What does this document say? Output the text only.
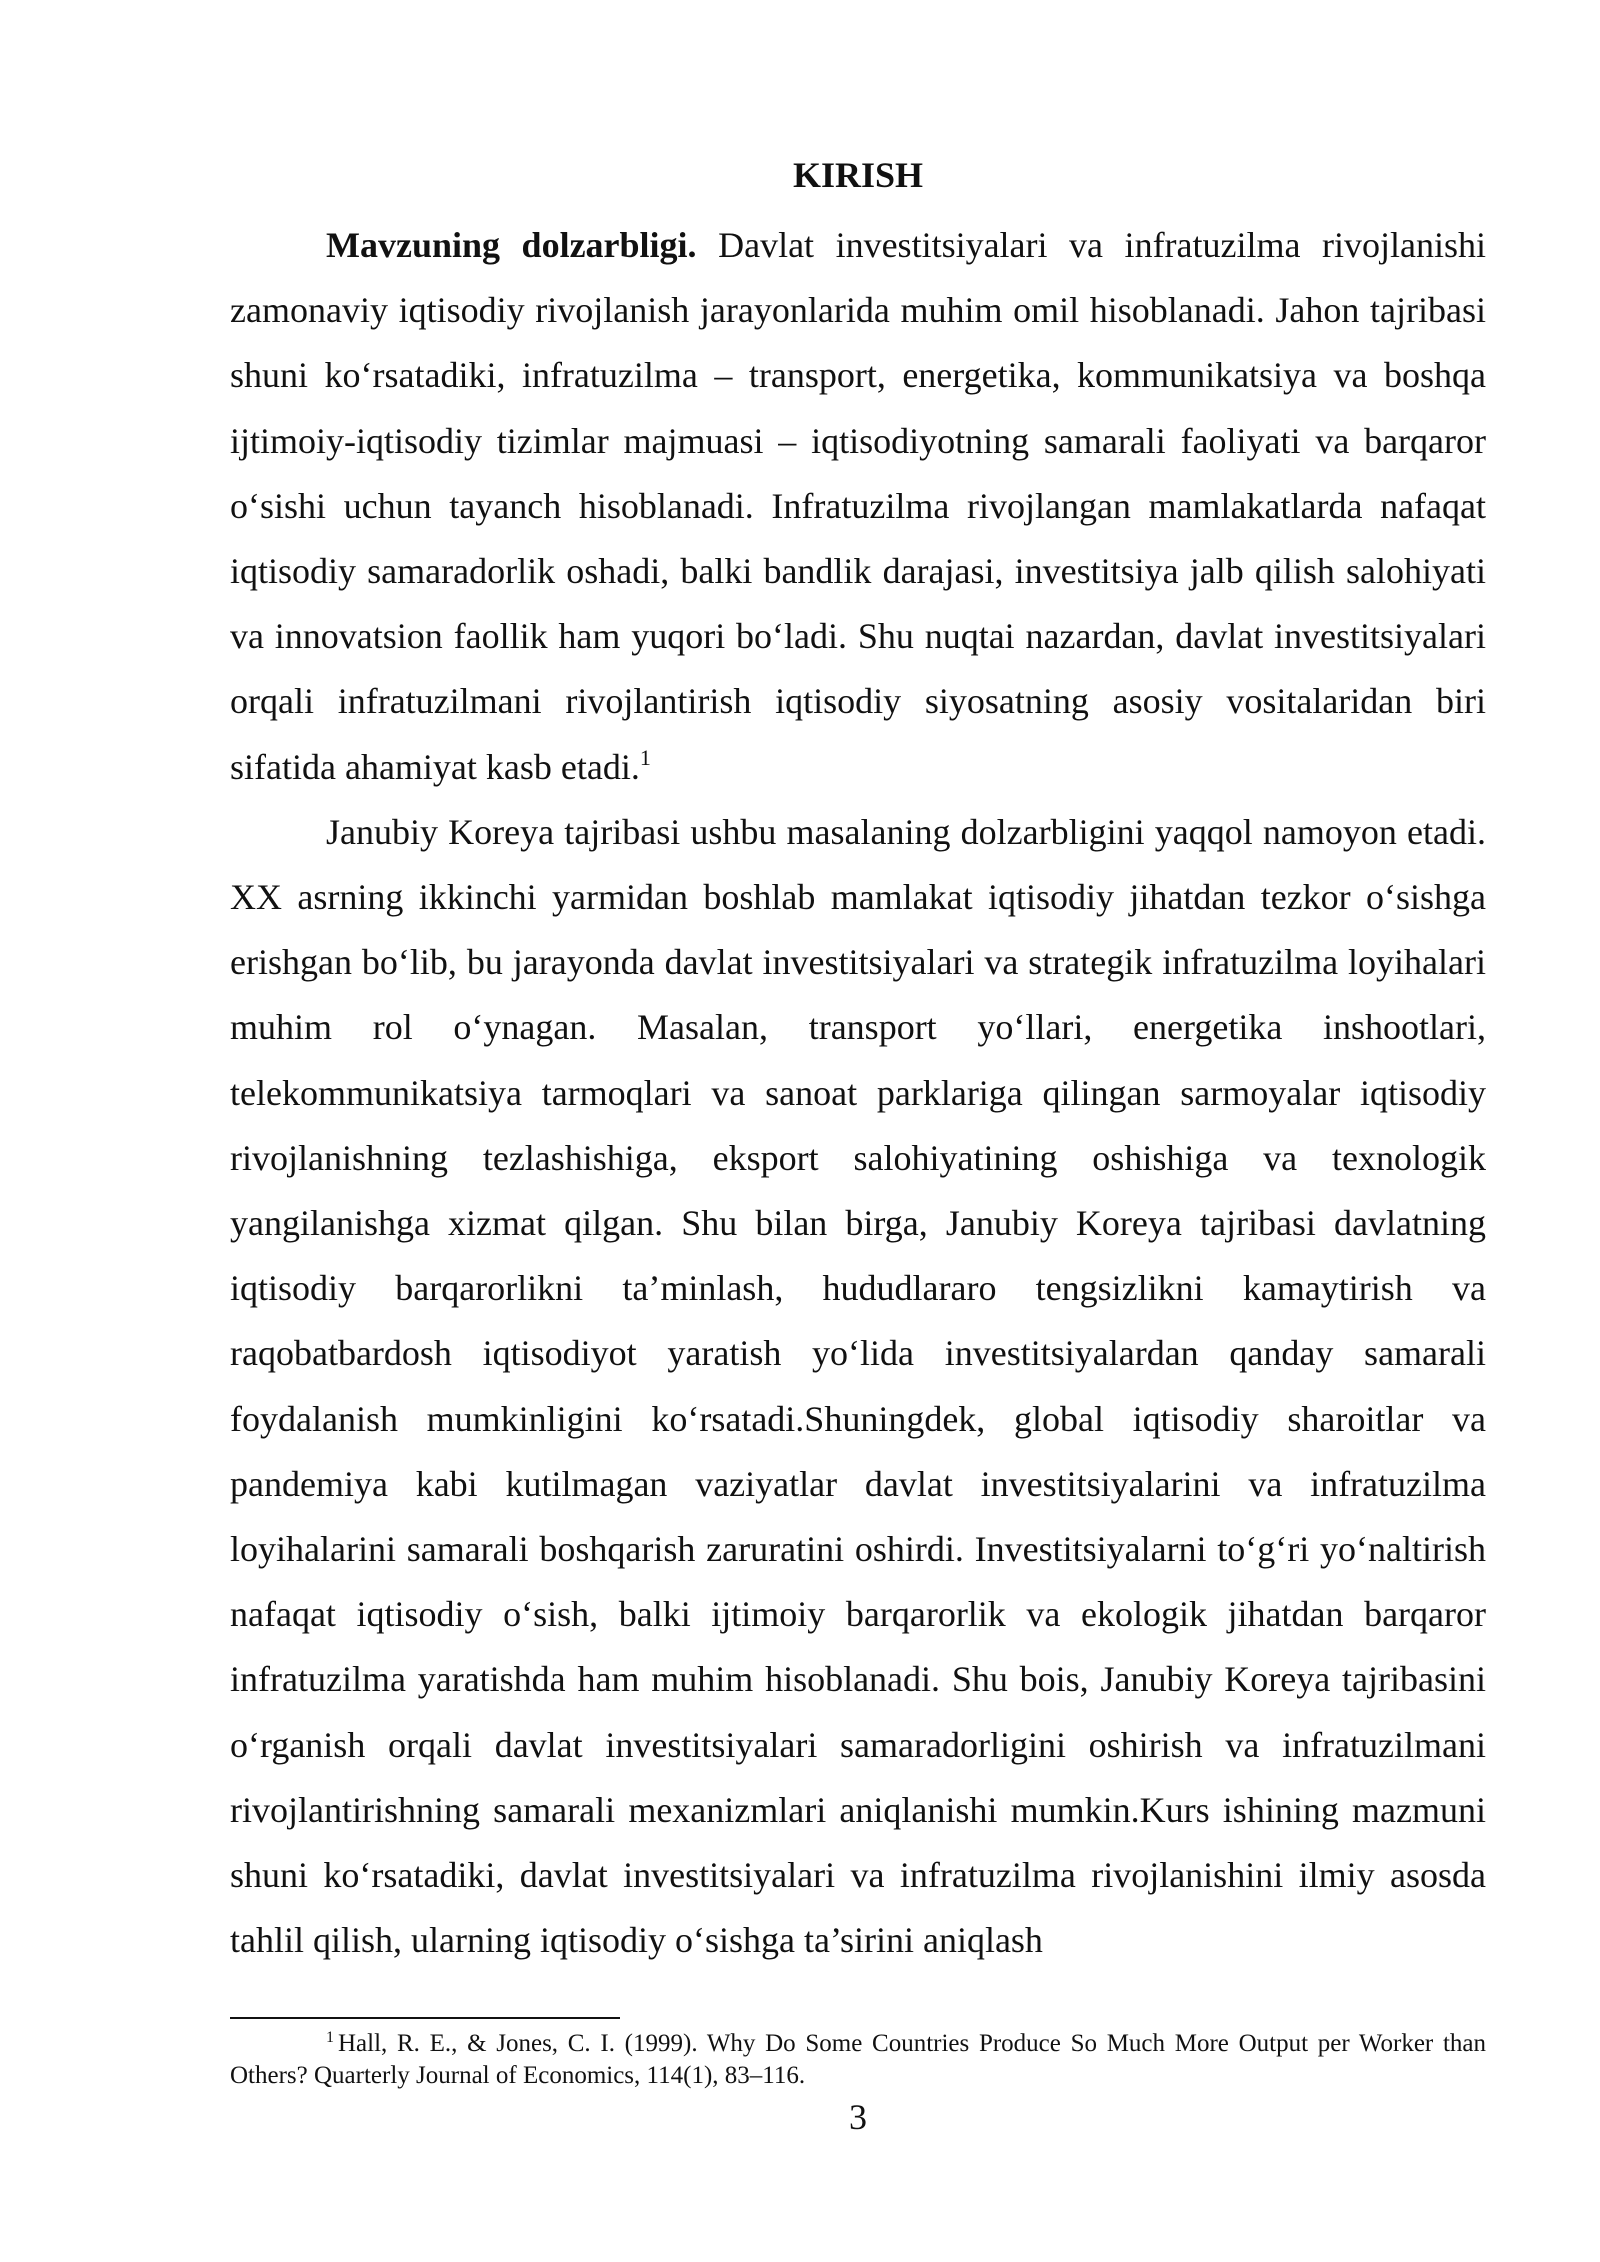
KIRISH

Mavzuning dolzarbligi. Davlat investitsiyalari va infratuzilma rivojlanishi zamonaviy iqtisodiy rivojlanish jarayonlarida muhim omil hisoblanadi. Jahon tajribasi shuni ko‘rsatadiki, infratuzilma – transport, energetika, kommunikatsiya va boshqa ijtimoiy-iqtisodiy tizimlar majmuasi – iqtisodiyotning samarali faoliyati va barqaror o‘sishi uchun tayanch hisoblanadi. Infratuzilma rivojlangan mamlakatlarda nafaqat iqtisodiy samaradorlik oshadi, balki bandlik darajasi, investitsiya jalb qilish salohiyati va innovatsion faollik ham yuqori bo‘ladi. Shu nuqtai nazardan, davlat investitsiyalari orqali infratuzilmani rivojlantirish iqtisodiy siyosatning asosiy vositalaridan biri sifatida ahamiyat kasb etadi.$^1$

Janubiy Koreya tajribasi ushbu masalaning dolzarbligini yaqqol namoyon etadi. XX asrning ikkinchi yarmidan boshlab mamlakat iqtisodiy jihatdan tezkor o‘sishga erishgan bo‘lib, bu jarayonda davlat investitsiyalari va strategik infratuzilma loyihalari muhim rol o‘ynagan. Masalan, transport yo‘llari, energetika inshootlari, telekommunikatsiya tarmoqlari va sanoat parklariga qilingan sarmoyalar iqtisodiy rivojlanishning tezlashishiga, eksport salohiyatining oshishiga va texnologik yangilanishga xizmat qilgan. Shu bilan birga, Janubiy Koreya tajribasi davlatning iqtisodiy barqarorlikni ta’minlash, hududlararo tengsizlikni kamaytirish va raqobatbardosh iqtisodiyot yaratish yo‘lida investitsiyalardan qanday samarali foydalanish mumkinligini ko‘rsatadi.Shuningdek, global iqtisodiy sharoitlar va pandemiya kabi kutilmagan vaziyatlar davlat investitsiyalarini va infratuzilma loyihalarini samarali boshqarish zaruratini oshirdi. Investitsiyalarni to‘g‘ri yo‘naltirish nafaqat iqtisodiy o‘sish, balki ijtimoiy barqarorlik va ekologik jihatdan barqaror infratuzilma yaratishda ham muhim hisoblanadi. Shu bois, Janubiy Koreya tajribasini o‘rganish orqali davlat investitsiyalari samaradorligini oshirish va infratuzilmani rivojlantirishning samarali mexanizmlari aniqlanishi mumkin.Kurs ishining mazmuni shuni ko‘rsatadiki, davlat investitsiyalari va infratuzilma rivojlanishini ilmiy asosda tahlil qilish, ularning iqtisodiy o‘sishga ta’sirini aniqlash

$^1$ Hall, R. E., & Jones, C. I. (1999). Why Do Some Countries Produce So Much More Output per Worker than Others? Quarterly Journal of Economics, 114(1), 83–116.

3
